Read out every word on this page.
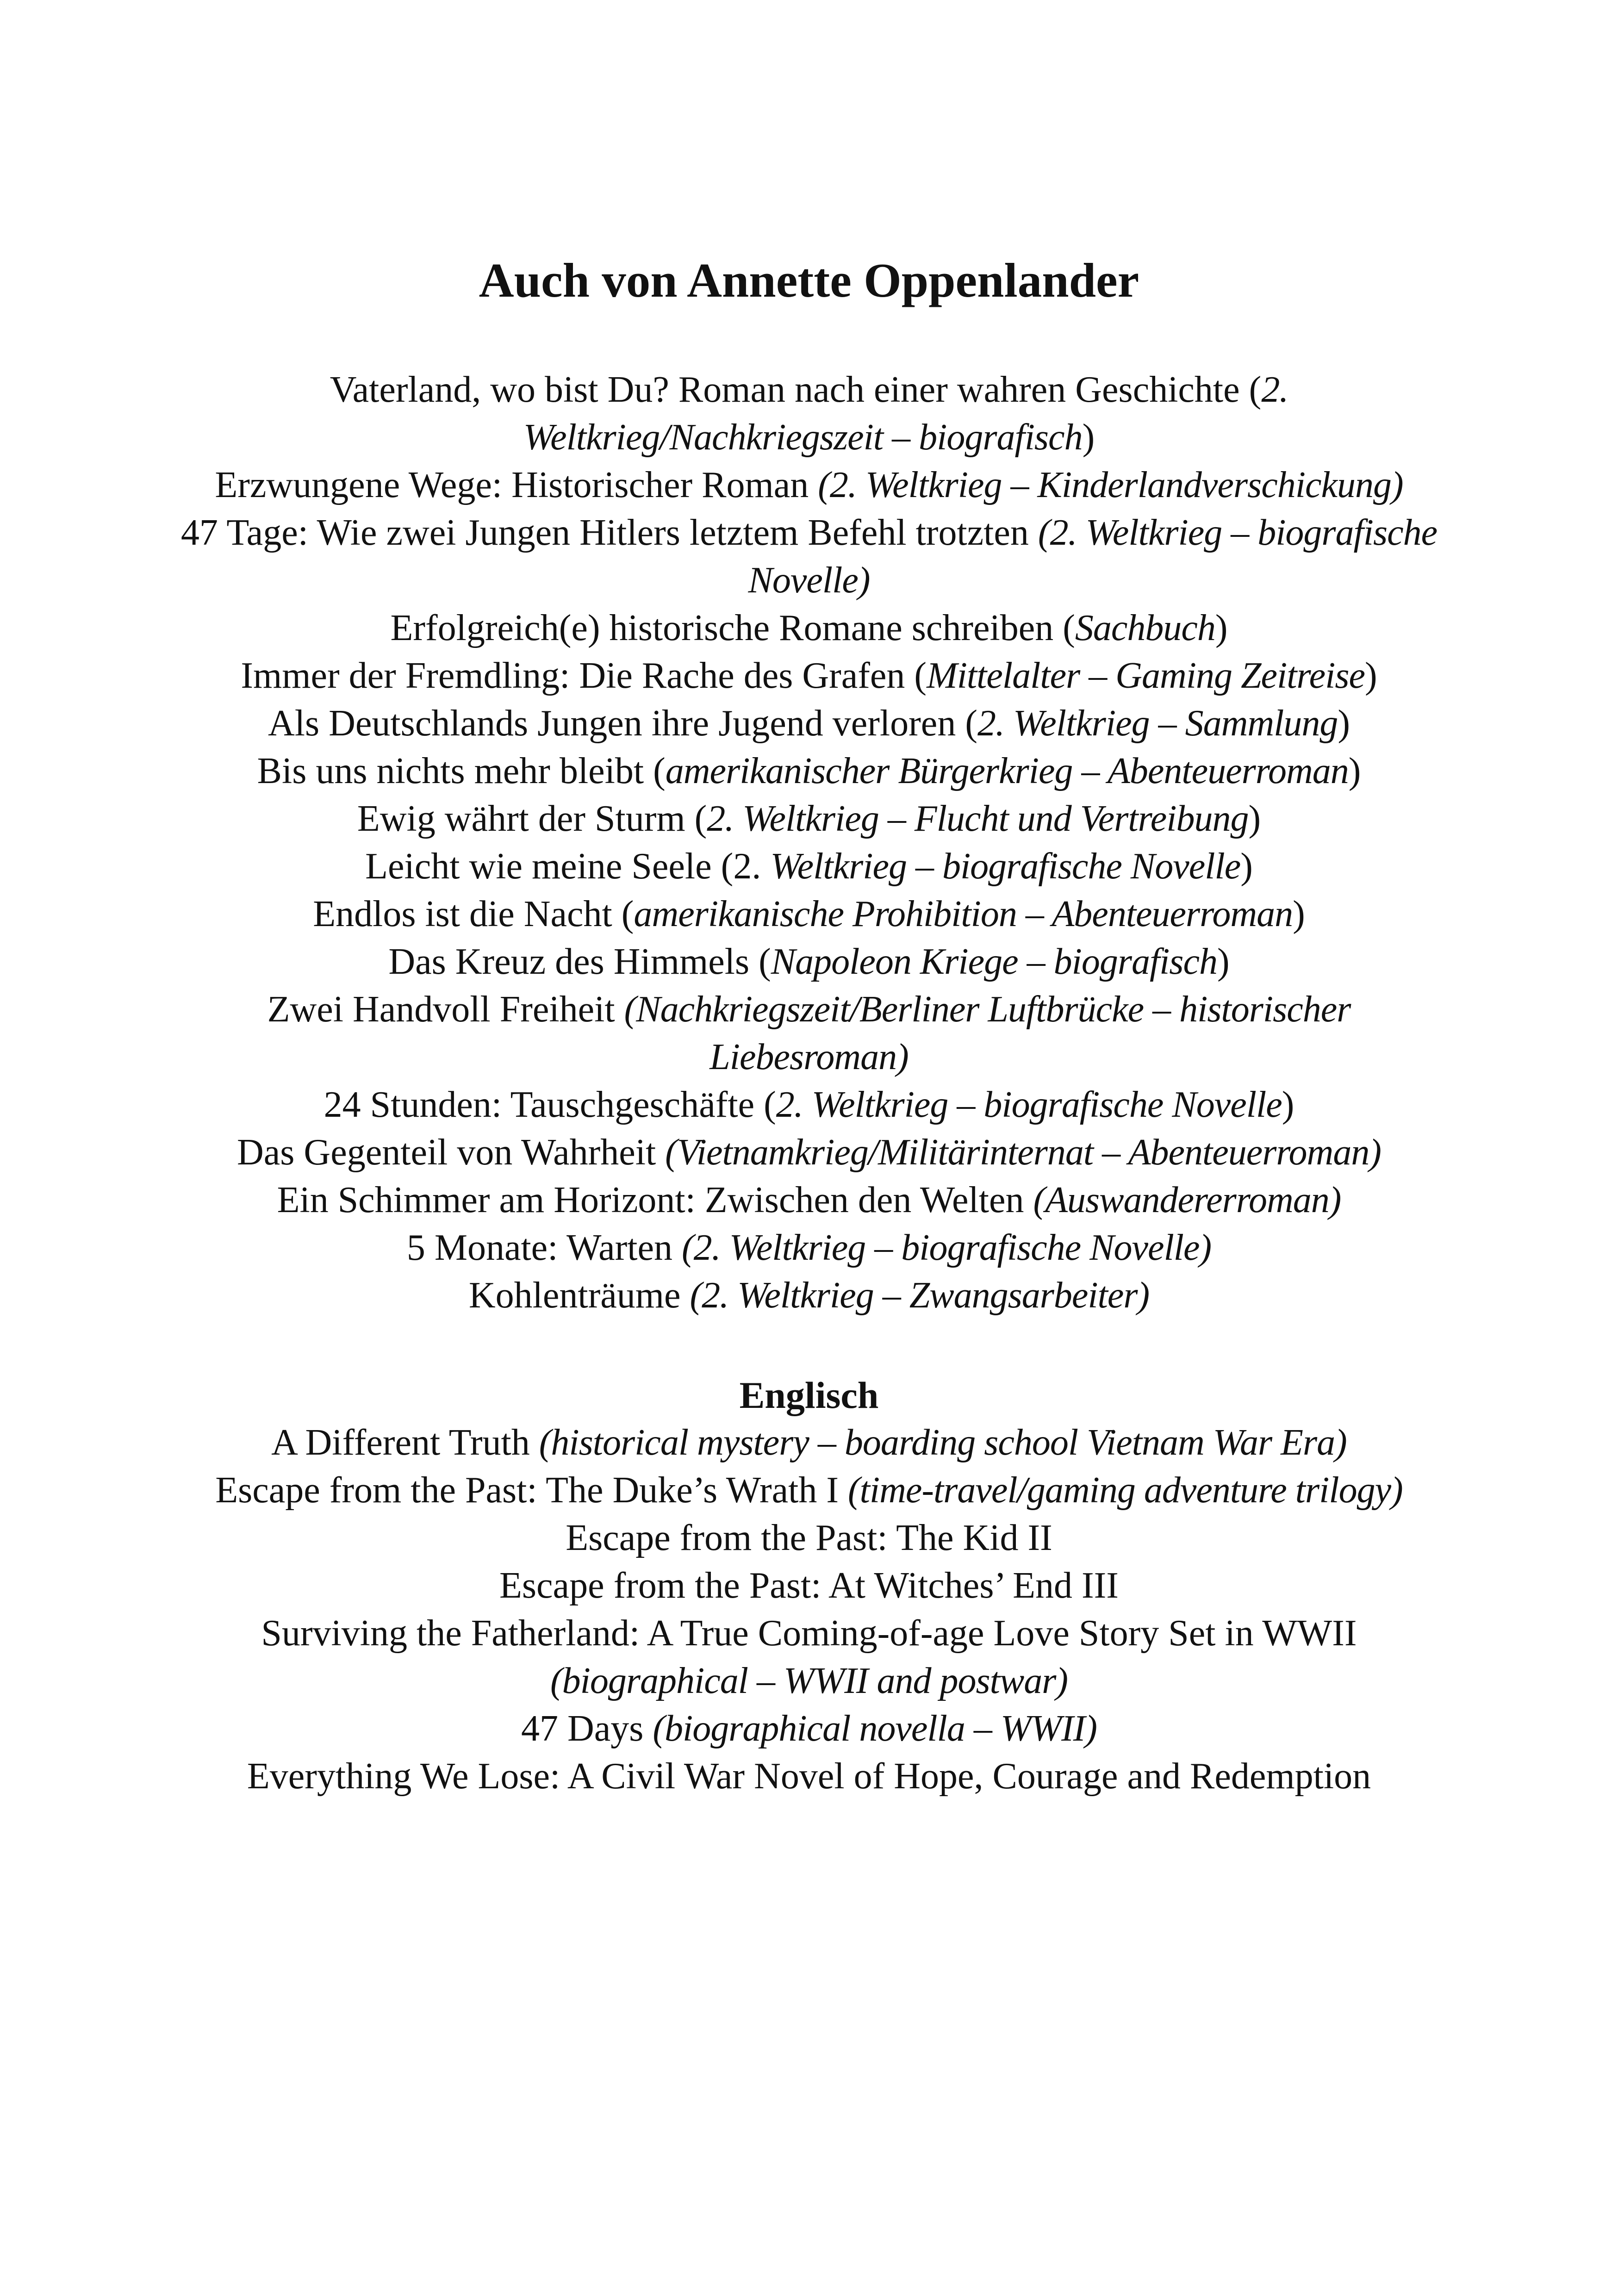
Auch von Annette Oppenlander
Vaterland, wo bist Du? Roman nach einer wahren Geschichte (2. Weltkrieg/Nachkriegszeit – biografisch)
Erzwungene Wege: Historischer Roman (2. Weltkrieg – Kinderlandverschickung)
47 Tage: Wie zwei Jungen Hitlers letztem Befehl trotzten (2. Weltkrieg – biografische Novelle)
Erfolgreich(e) historische Romane schreiben (Sachbuch)
Immer der Fremdling: Die Rache des Grafen (Mittelalter – Gaming Zeitreise)
Als Deutschlands Jungen ihre Jugend verloren (2. Weltkrieg – Sammlung)
Bis uns nichts mehr bleibt (amerikanischer Bürgerkrieg – Abenteuerroman)
Ewig währt der Sturm (2. Weltkrieg – Flucht und Vertreibung)
Leicht wie meine Seele (2. Weltkrieg – biografische Novelle)
Endlos ist die Nacht (amerikanische Prohibition – Abenteuerroman)
Das Kreuz des Himmels (Napoleon Kriege – biografisch)
Zwei Handvoll Freiheit (Nachkriegszeit/Berliner Luftbrücke – historischer Liebesroman)
24 Stunden: Tauschgeschäfte (2. Weltkrieg – biografische Novelle)
Das Gegenteil von Wahrheit (Vietnamkrieg/Militärinternat – Abenteuerroman)
Ein Schimmer am Horizont: Zwischen den Welten (Auswandererroman)
5 Monate: Warten (2. Weltkrieg – biografische Novelle)
Kohlenträume (2. Weltkrieg – Zwangsarbeiter)
Englisch
A Different Truth (historical mystery – boarding school Vietnam War Era)
Escape from the Past: The Duke’s Wrath I (time-travel/gaming adventure trilogy)
Escape from the Past: The Kid II
Escape from the Past: At Witches’ End III
Surviving the Fatherland: A True Coming-of-age Love Story Set in WWII (biographical – WWII and postwar)
47 Days (biographical novella – WWII)
Everything We Lose: A Civil War Novel of Hope, Courage and Redemption
